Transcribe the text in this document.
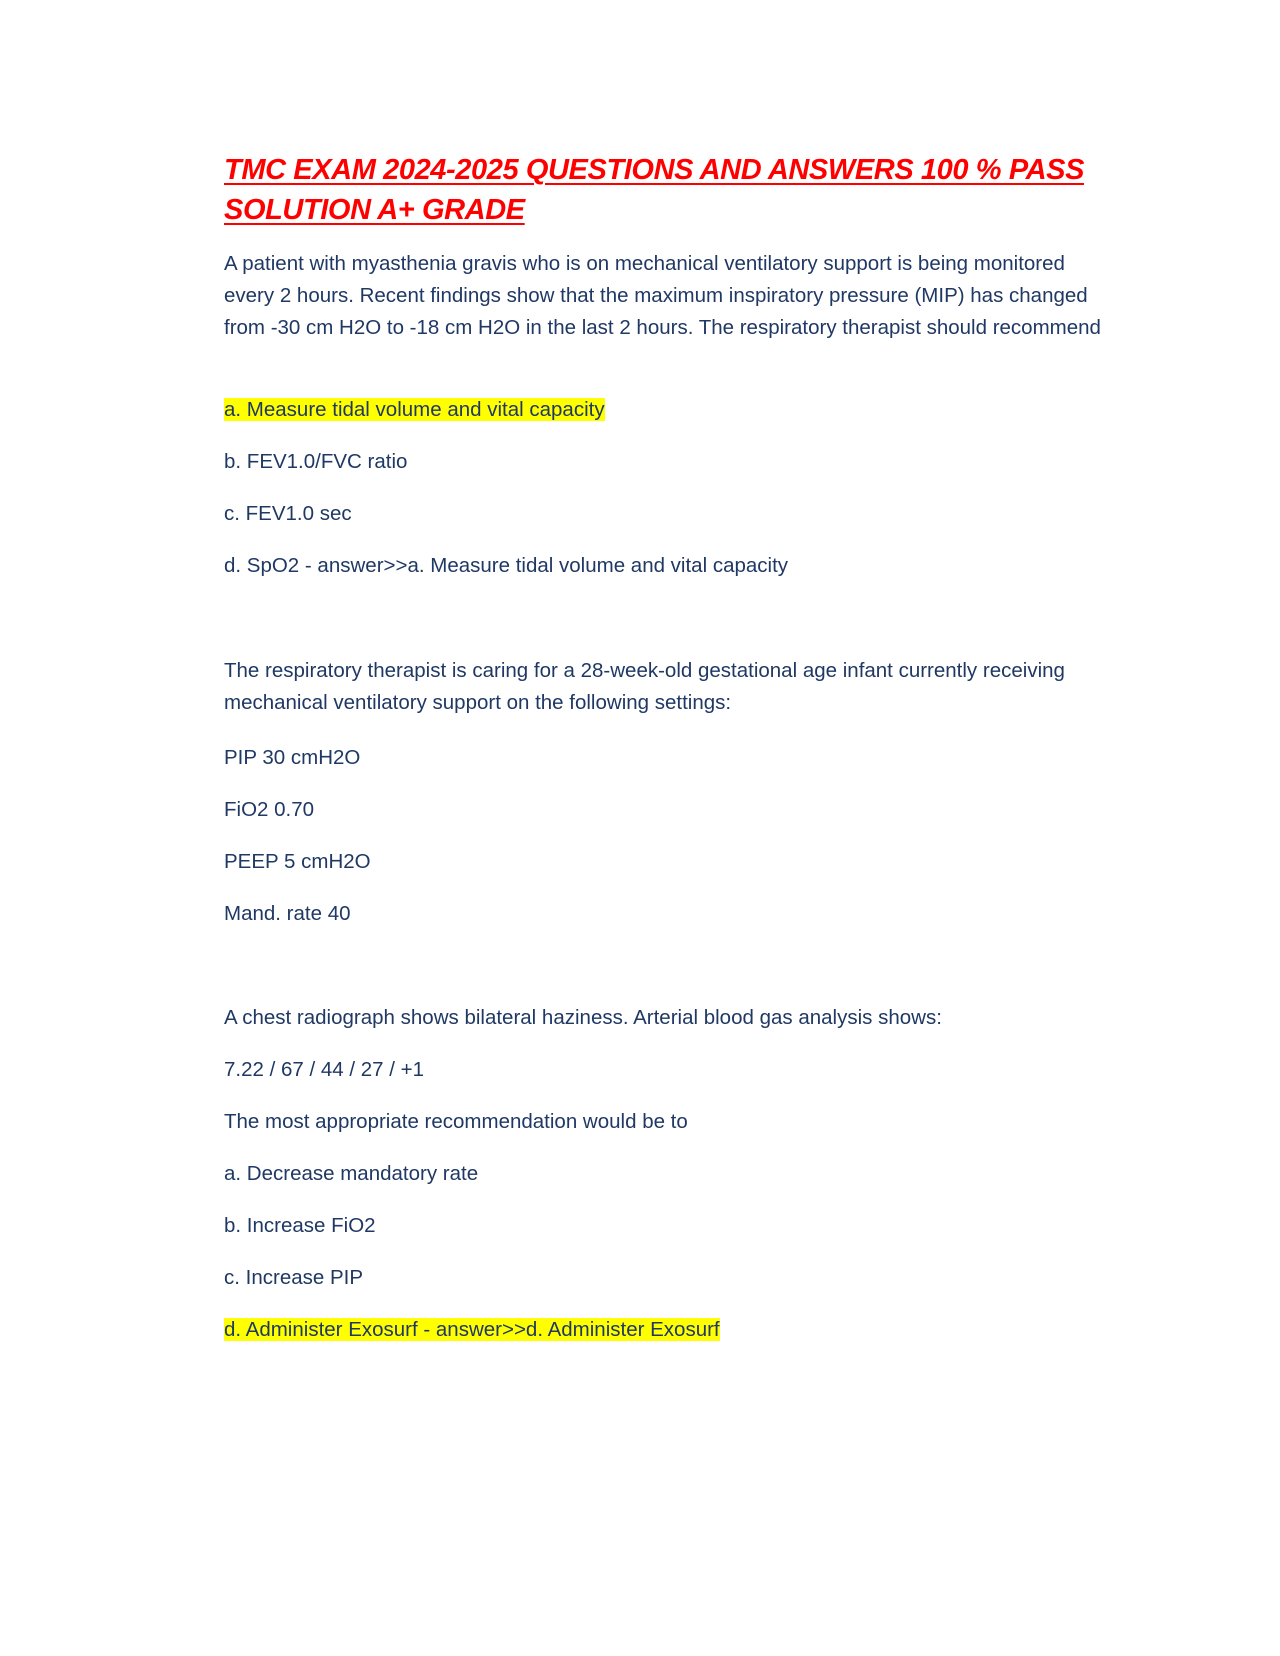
TMC EXAM 2024-2025 QUESTIONS AND ANSWERS 100 % PASS SOLUTION A+ GRADE

A patient with myasthenia gravis who is on mechanical ventilatory support is being monitored every 2 hours. Recent findings show that the maximum inspiratory pressure (MIP) has changed from -30 cm H2O to -18 cm H2O in the last 2 hours. The respiratory therapist should recommend

a. Measure tidal volume and vital capacity

b. FEV1.0/FVC ratio

c. FEV1.0 sec

d. SpO2 - answer>>a. Measure tidal volume and vital capacity

The respiratory therapist is caring for a 28-week-old gestational age infant currently receiving mechanical ventilatory support on the following settings:

PIP 30 cmH2O

FiO2 0.70

PEEP 5 cmH2O

Mand. rate 40

A chest radiograph shows bilateral haziness. Arterial blood gas analysis shows:

7.22 / 67 / 44 / 27 / +1

The most appropriate recommendation would be to

a. Decrease mandatory rate

b. Increase FiO2

c. Increase PIP

d. Administer Exosurf - answer>>d. Administer Exosurf
